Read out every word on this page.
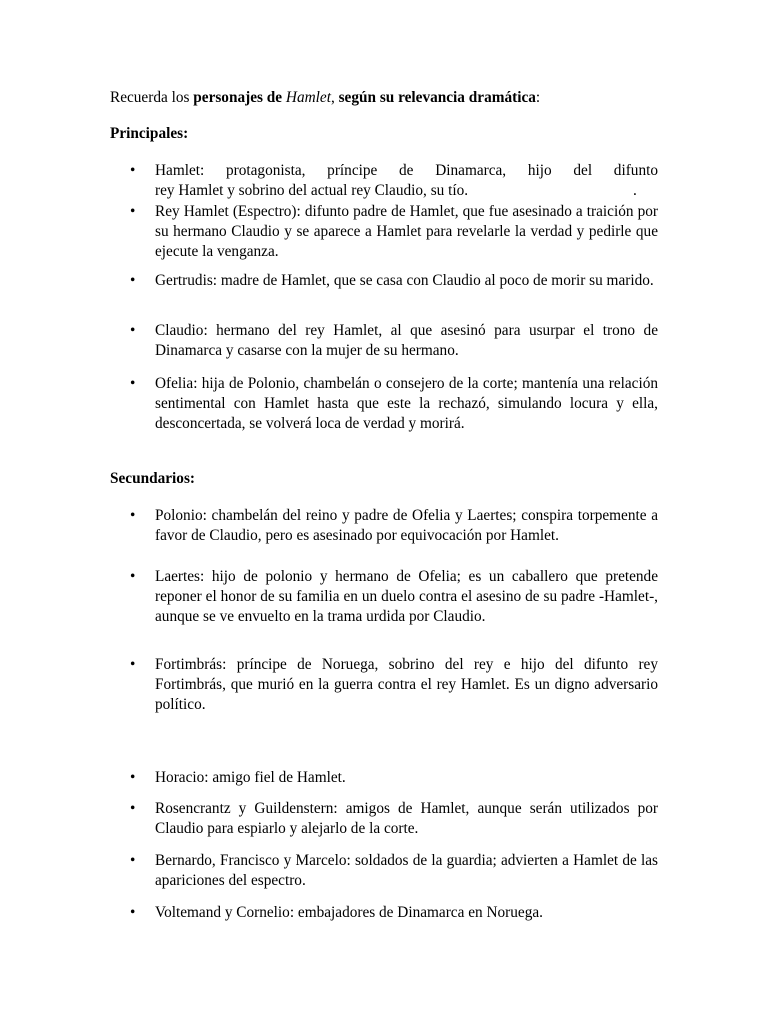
Recuerda los personajes de Hamlet, según su relevancia dramática:

Principales:

• Hamlet: protagonista, príncipe de Dinamarca, hijo del difunto
rey Hamlet y sobrino del actual rey Claudio, su tío.	.
• Rey Hamlet (Espectro): difunto padre de Hamlet, que fue asesinado a traición por su hermano Claudio y se aparece a Hamlet para revelarle la verdad y pedirle que ejecute la venganza.
• Gertrudis: madre de Hamlet, que se casa con Claudio al poco de morir su marido.
• Claudio: hermano del rey Hamlet, al que asesinó para usurpar el trono de Dinamarca y casarse con la mujer de su hermano.
• Ofelia: hija de Polonio, chambelán o consejero de la corte; mantenía una relación sentimental con Hamlet hasta que este la rechazó, simulando locura y ella, desconcertada, se volverá loca de verdad y morirá.

Secundarios:

• Polonio: chambelán del reino y padre de Ofelia y Laertes; conspira torpemente a favor de Claudio, pero es asesinado por equivocación por Hamlet.
• Laertes: hijo de polonio y hermano de Ofelia; es un caballero que pretende reponer el honor de su familia en un duelo contra el asesino de su padre -Hamlet-, aunque se ve envuelto en la trama urdida por Claudio.
• Fortimbrás: príncipe de Noruega, sobrino del rey e hijo del difunto rey Fortimbrás, que murió en la guerra contra el rey Hamlet. Es un digno adversario político.
• Horacio: amigo fiel de Hamlet.
• Rosencrantz y Guildenstern: amigos de Hamlet, aunque serán utilizados por Claudio para espiarlo y alejarlo de la corte.
• Bernardo, Francisco y Marcelo: soldados de la guardia; advierten a Hamlet de las apariciones del espectro.
• Voltemand y Cornelio: embajadores de Dinamarca en Noruega.
